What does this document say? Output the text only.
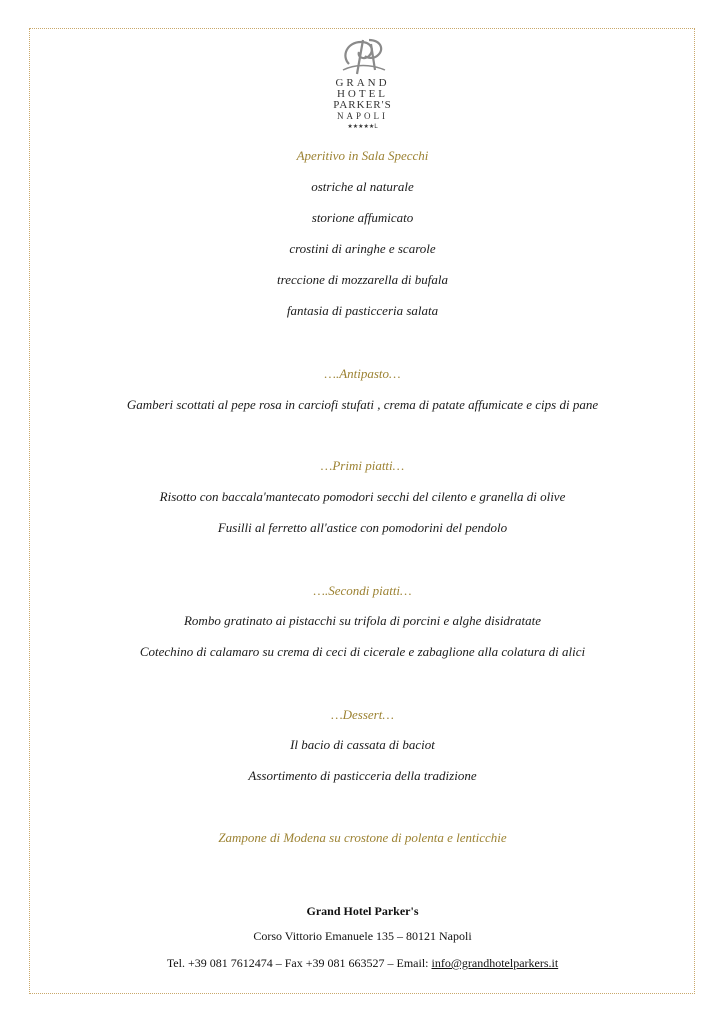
GRAND
HOTEL
PARKER'S
NAPOLI
★★★★★L
Aperitivo in Sala Specchi
ostriche al naturale
storione affumicato
crostini di aringhe e scarole
treccione di mozzarella di bufala
fantasia di pasticceria salata
….Antipasto…
Gamberi scottati al pepe rosa in carciofi stufati , crema di patate affumicate e cips di pane
…Primi piatti…
Risotto con baccala'mantecato pomodori secchi del cilento e granella di olive
Fusilli al ferretto all'astice con pomodorini del pendolo
….Secondi piatti…
Rombo gratinato ai pistacchi su trifola di porcini e alghe disidratate
Cotechino di calamaro su crema di ceci di cicerale e zabaglione alla colatura di alici
…Dessert…
Il bacio di cassata di baciot
Assortimento di pasticceria della tradizione
Zampone di Modena su crostone di polenta e lenticchie
Grand Hotel Parker's
Corso Vittorio Emanuele 135 – 80121 Napoli
Tel. +39 081 7612474 – Fax +39 081 663527 – Email: info@grandhotelparkers.it
